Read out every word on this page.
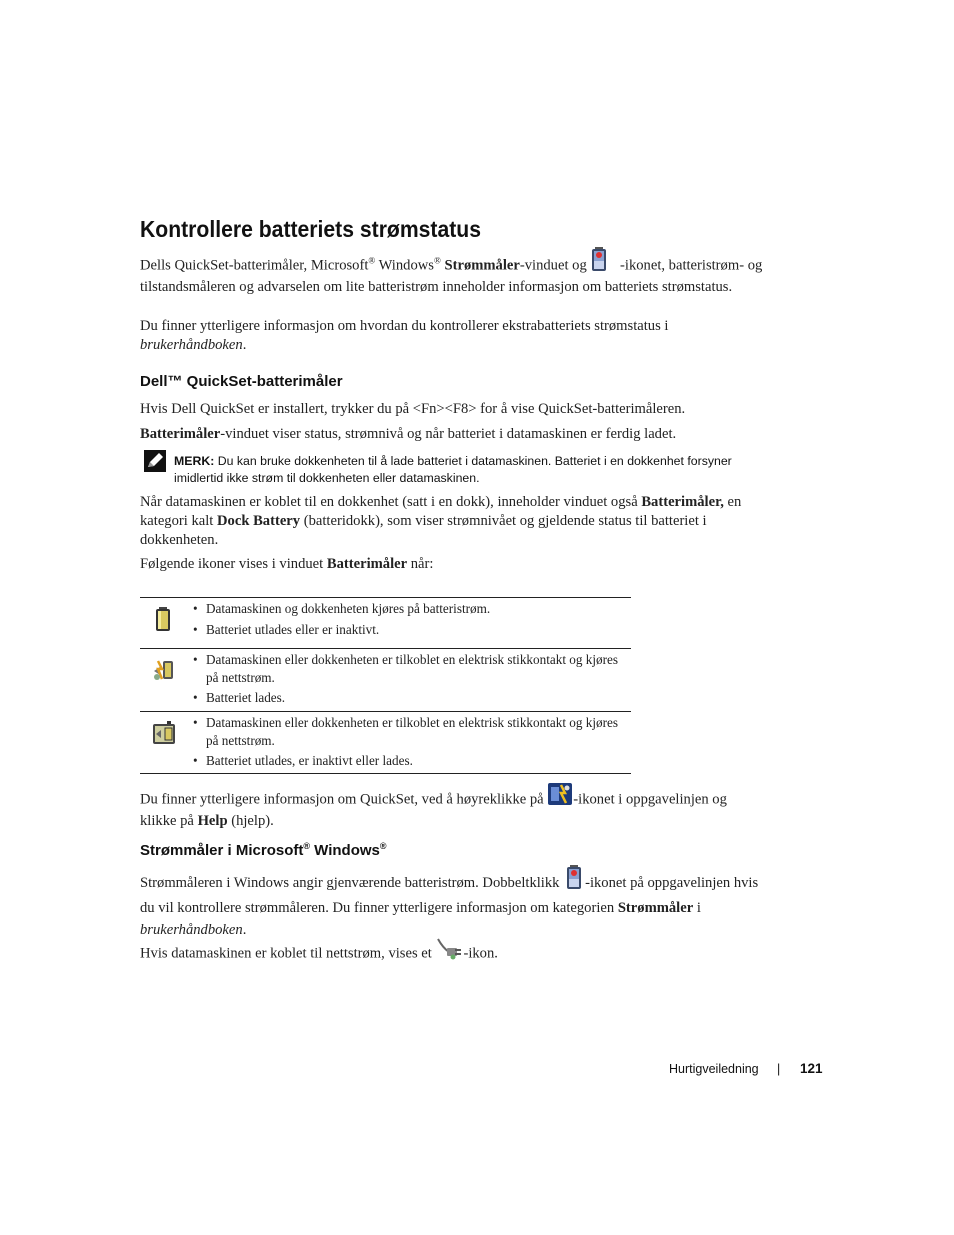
Kontrollere batteriets strømstatus
Dells QuickSet-batterimåler, Microsoft® Windows® Strømmåler-vinduet og  -ikonet, batteristrøm- og tilstandsmåleren og advarselen om lite batteristrøm inneholder informasjon om batteriets strømstatus.
Du finner ytterligere informasjon om hvordan du kontrollerer ekstrabatteriets strømstatus i brukerhåndboken.
Dell™ QuickSet-batterimåler
Hvis Dell QuickSet er installert, trykker du på <Fn><F8> for å vise QuickSet-batterimåleren.
Batterimåler-vinduet viser status, strømnivå og når batteriet i datamaskinen er ferdig ladet.
MERK: Du kan bruke dokkenheten til å lade batteriet i datamaskinen. Batteriet i en dokkenhet forsyner imidlertid ikke strøm til dokkenheten eller datamaskinen.
Når datamaskinen er koblet til en dokkenhet (satt i en dokk), inneholder vinduet også Batterimåler, en kategori kalt Dock Battery (batteridokk), som viser strømnivået og gjeldende status til batteriet i dokkenheten.
Følgende ikoner vises i vinduet Batterimåler når:
• Datamaskinen og dokkenheten kjøres på batteristrøm.
• Batteriet utlades eller er inaktivt.
• Datamaskinen eller dokkenheten er tilkoblet en elektrisk stikkontakt og kjøres på nettstrøm.
• Batteriet lades.
• Datamaskinen eller dokkenheten er tilkoblet en elektrisk stikkontakt og kjøres på nettstrøm.
• Batteriet utlades, er inaktivt eller lades.
Du finner ytterligere informasjon om QuickSet, ved å høyreklikke på -ikonet i oppgavelinjen og klikke på Help (hjelp).
Strømmåler i Microsoft® Windows®
Strømmåleren i Windows angir gjenværende batteristrøm. Dobbeltklikk -ikonet på oppgavelinjen hvis du vil kontrollere strømmåleren. Du finner ytterligere informasjon om kategorien Strømmåler i brukerhåndboken.
Hvis datamaskinen er koblet til nettstrøm, vises et -ikon.
Hurtigveiledning | 121
